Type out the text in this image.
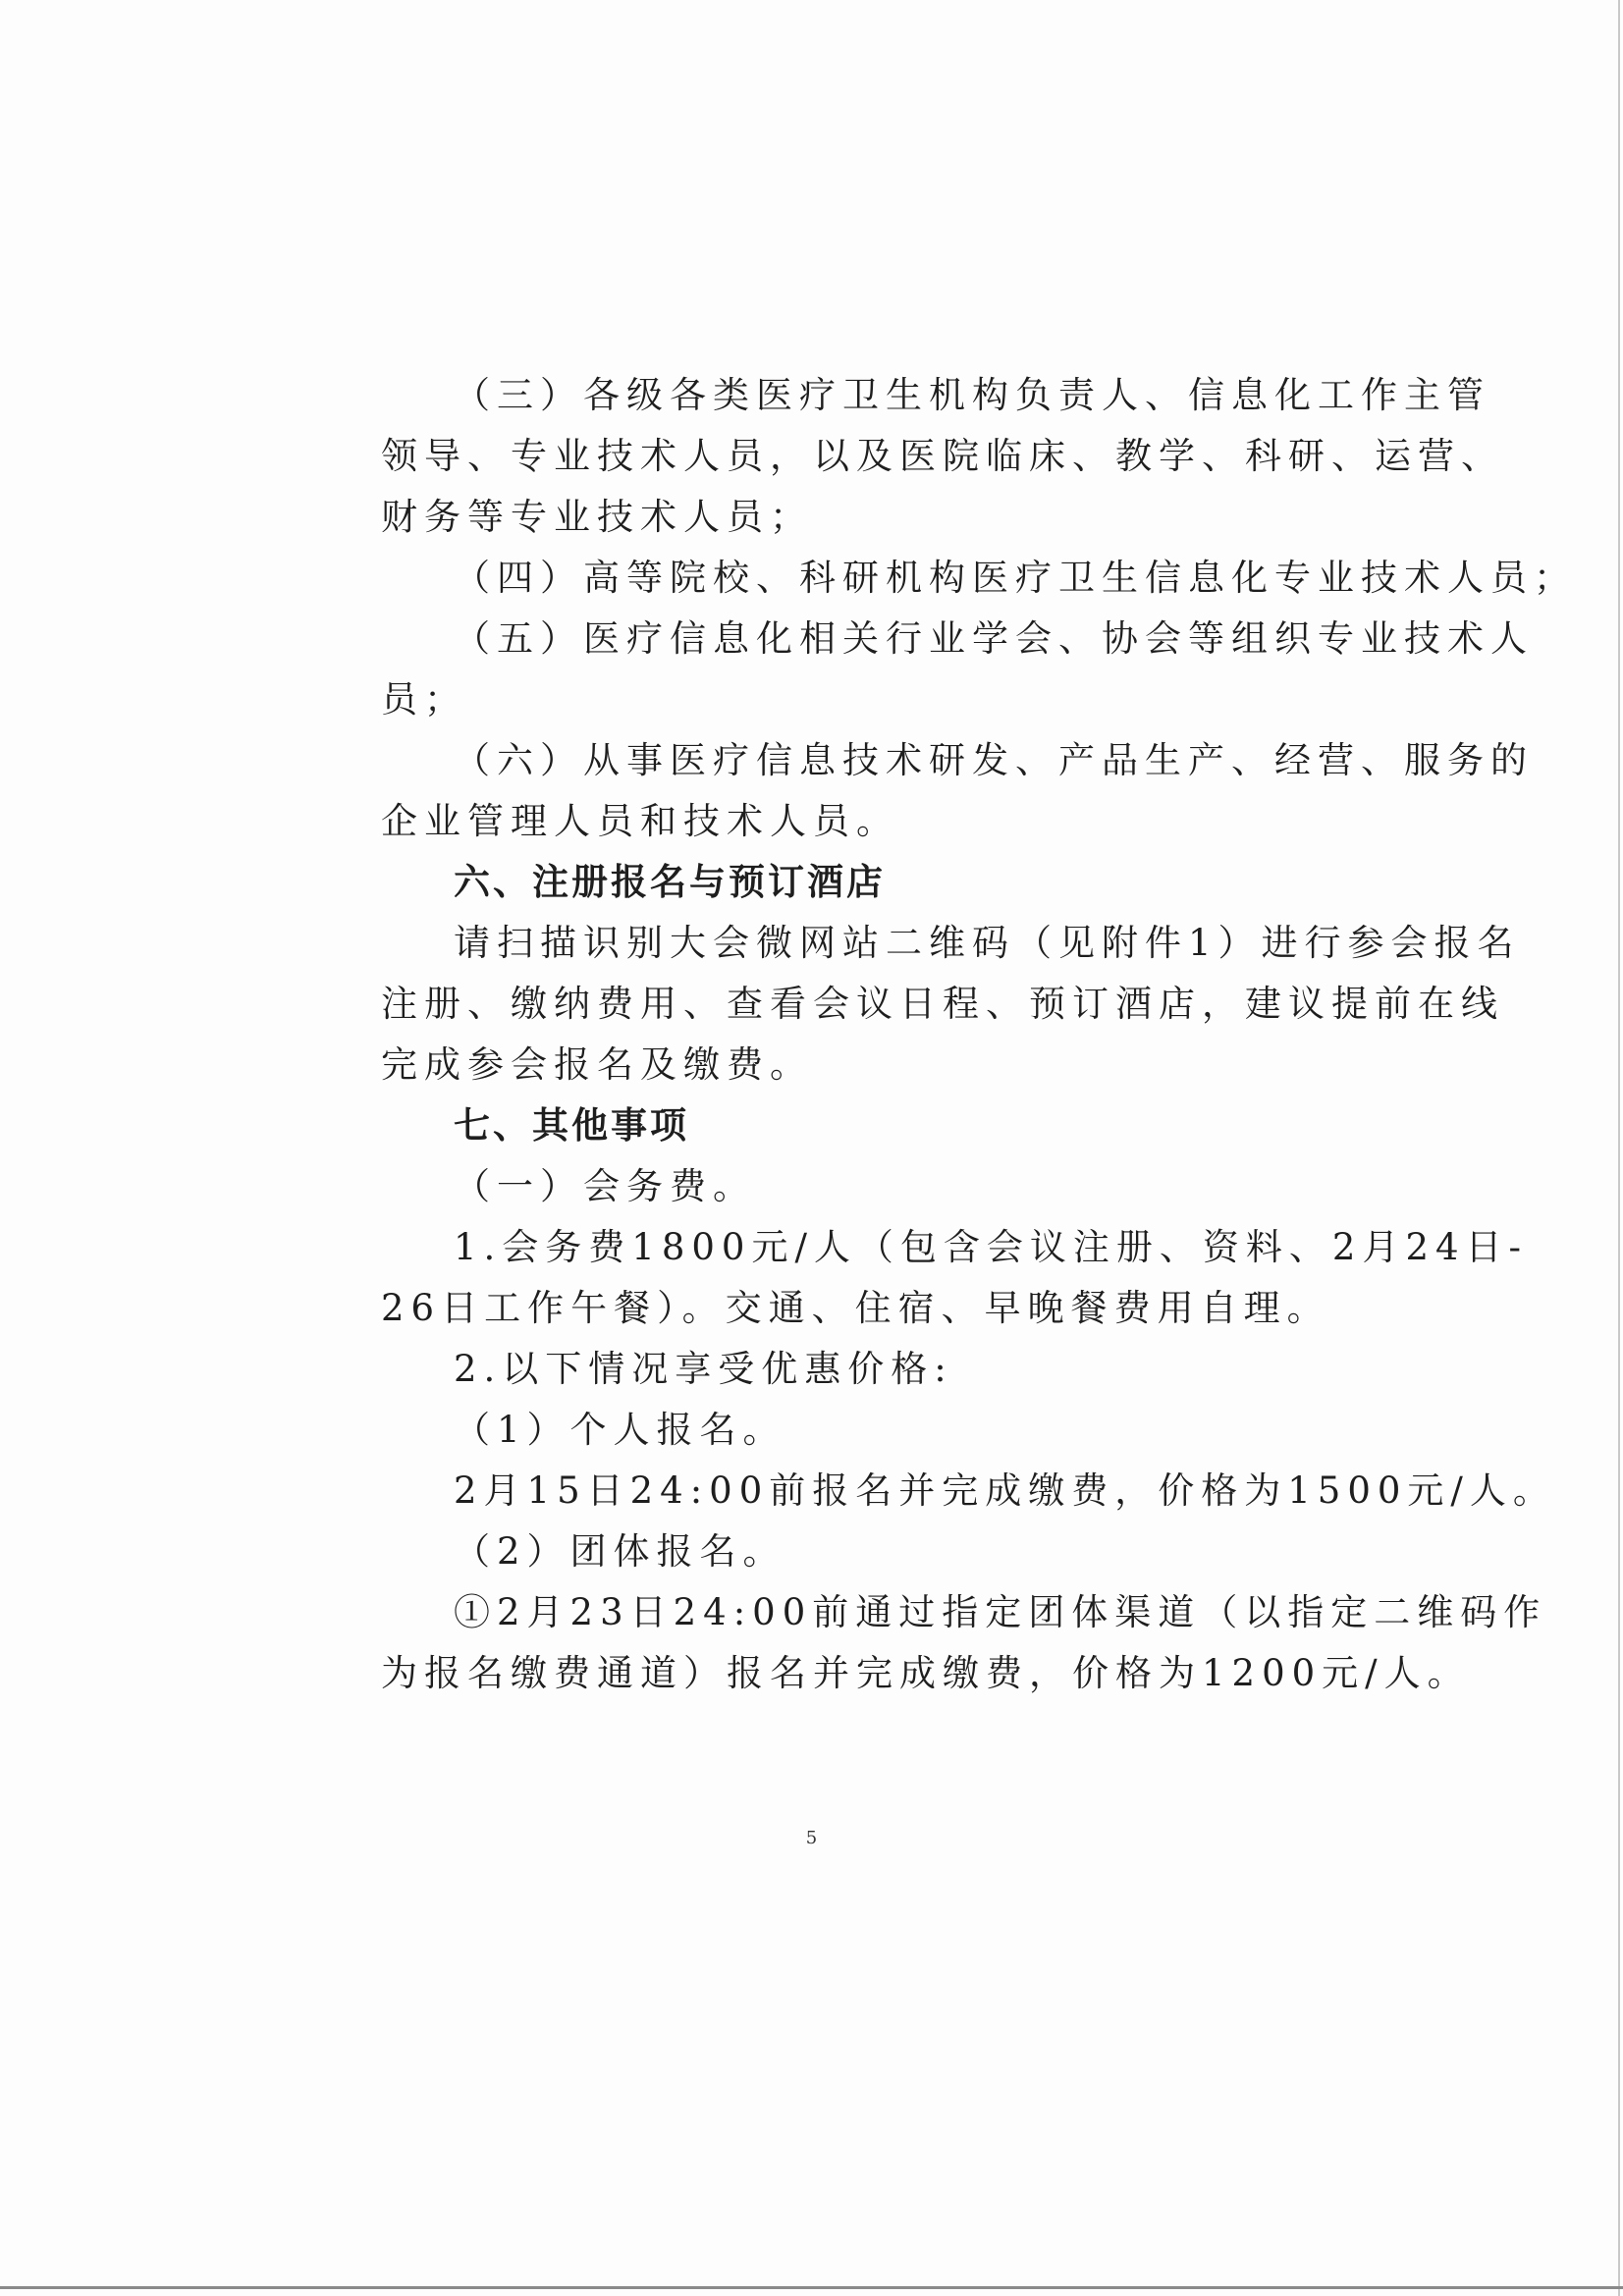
（三）各级各类医疗卫生机构负责人、信息化工作主管
领导、专业技术人员，以及医院临床、教学、科研、运营、
财务等专业技术人员；
（四）高等院校、科研机构医疗卫生信息化专业技术人员；
（五）医疗信息化相关行业学会、协会等组织专业技术人
员；
（六）从事医疗信息技术研发、产品生产、经营、服务的
企业管理人员和技术人员。
六、注册报名与预订酒店
请扫描识别大会微网站二维码（见附件1）进行参会报名
注册、缴纳费用、查看会议日程、预订酒店，建议提前在线
完成参会报名及缴费。
七、其他事项
（一）会务费。
1.会务费1800元/人（包含会议注册、资料、2月24日-
26日工作午餐）。交通、住宿、早晚餐费用自理。
2.以下情况享受优惠价格:
（1）个人报名。
2月15日24:00前报名并完成缴费，价格为1500元/人。
（2）团体报名。
①2月23日24:00前通过指定团体渠道（以指定二维码作
为报名缴费通道）报名并完成缴费，价格为1200元/人。
5
